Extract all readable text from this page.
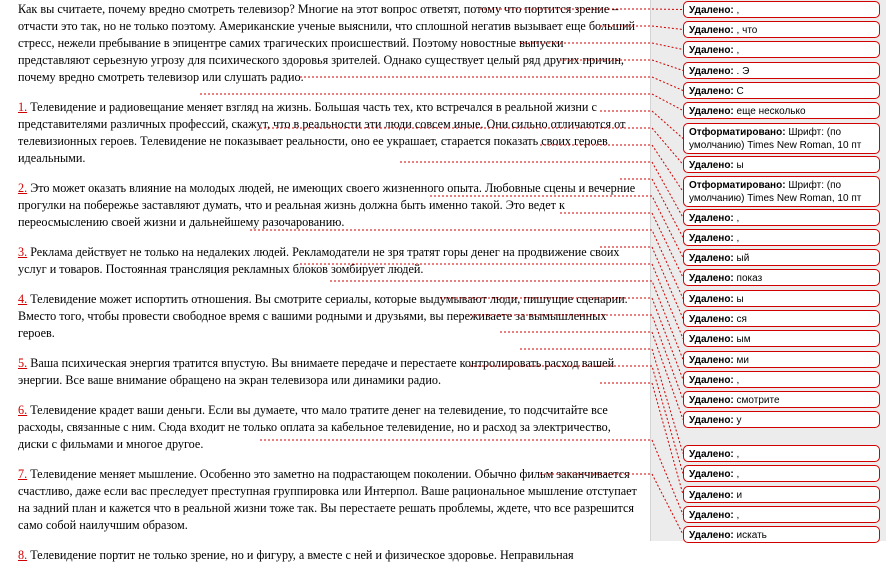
Как вы считаете, почему вредно смотреть телевизор? Многие на этот вопрос ответят, потому что портится зрение – отчасти это так, но не только поэтому. Американские ученые выяснили, что сплошной негатив вызывает еще больший стресс, нежели пребывание в эпицентре самих трагических происшествий. Поэтому новостные выпуски представляют серьезную угрозу для психического здоровья зрителей. Однако существует целый ряд других причин, почему вредно смотреть телевизор или слушать радио.

1. Телевидение и радиовещание меняет взгляд на жизнь. Большая часть тех, кто встречался в реальной жизни с представителями различных профессий, скажут, что в реальности эти люди совсем иные. Они сильно отличаются от телевизионных героев. Телевидение не показывает реальности, оно ее украшает, старается показать своих героев идеальными.

2. Это может оказать влияние на молодых людей, не имеющих своего жизненного опыта. Любовные сцены и вечерние прогулки на побережье заставляют думать, что и реальная жизнь должна быть именно такой. Это ведет к переосмыслению своей жизни и дальнейшему разочарованию.

3. Реклама действует не только на недалеких людей. Рекламодатели не зря тратят горы денег на продвижение своих услуг и товаров. Постоянная трансляция рекламных блоков зомбирует людей.

4. Телевидение может испортить отношения. Вы смотрите сериалы, которые выдумывают люди, пишущие сценарии. Вместо того, чтобы провести свободное время с вашими родными и друзьями, вы переживаете за вымышленных героев.

5. Ваша психическая энергия тратится впустую. Вы внимаете передаче и перестаете контролировать расход вашей энергии. Все ваше внимание обращено на экран телевизора или динамики радио.

6. Телевидение крадет ваши деньги. Если вы думаете, что мало тратите денег на телевидение, то подсчитайте все расходы, связанные с ним. Сюда входит не только оплата за кабельное телевидение, но и расход за электричество, диски с фильмами и многое другое.

7. Телевидение меняет мышление. Особенно это заметно на подрастающем поколении. Обычно фильм заканчивается счастливо, даже если вас преследует преступная группировка или Интерпол. Ваше рациональное мышление отступает на задний план и кажется что в реальной жизни тоже так. Вы перестаете решать проблемы, ждете, что все разрешится само собой наилучшим образом.

8. Телевидение портит не только зрение, но и фигуру, а вместе с ней и физическое здоровье. Неправильная

Удалено: ,
Удалено: , что
Удалено: ,
Удалено: . Э
Удалено: С
Удалено: еще несколько
Отформатировано: Шрифт: (по умолчанию) Times New Roman, 10 пт
Удалено: ы
Отформатировано: Шрифт: (по умолчанию) Times New Roman, 10 пт
Удалено: ,
Удалено: ,
Удалено: ый
Удалено: показ
Удалено: ы
Удалено: ся
Удалено: ым
Удалено: ми
Удалено: ,
Удалено: смотрите
Удалено: у
Удалено: ,
Удалено: ,
Удалено: и
Удалено: ,
Удалено: искать
